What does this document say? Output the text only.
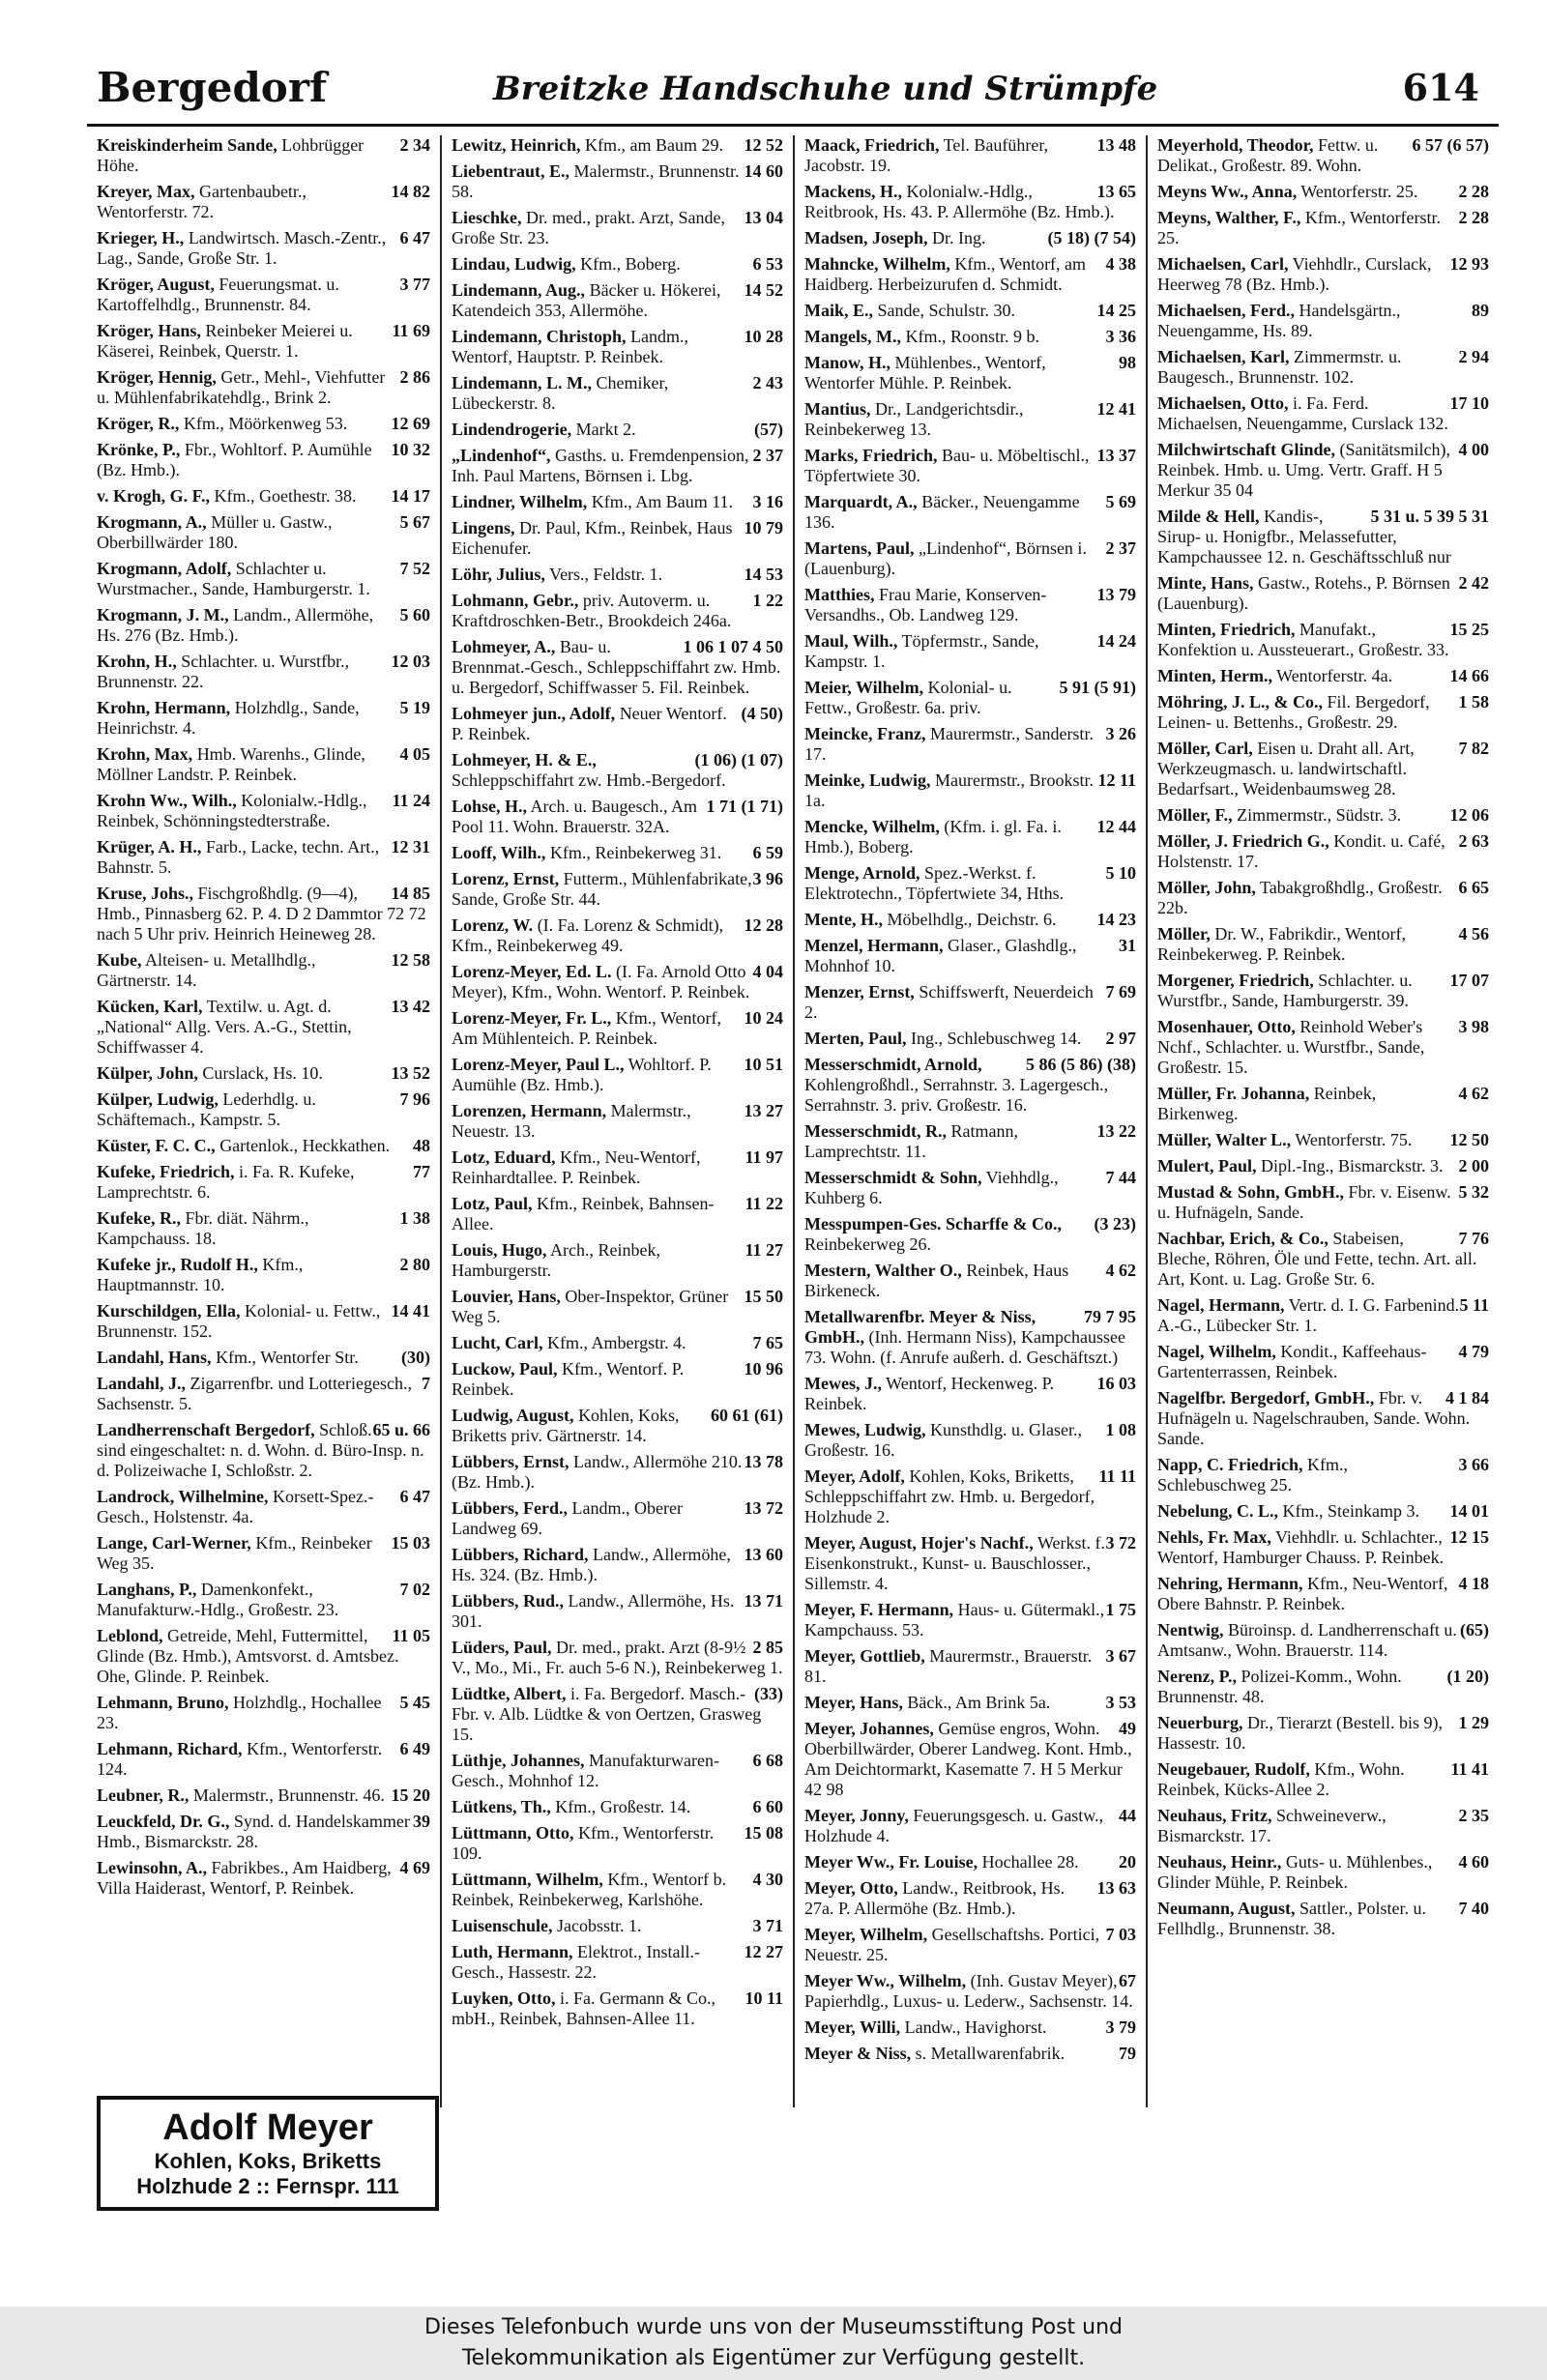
Bergedorf	Breitzke Handschuhe und Strümpfe	614
2 34
Kreiskinderheim Sande, Lohbrügger Höhe.
14 82
Kreyer, Max, Gartenbaubetr., Wentorferstr. 72.
6 47
Krieger, H., Landwirtsch. Masch.-Zentr., Lag., Sande, Große Str. 1.
3 77
Kröger, August, Feuerungsmat. u. Kartoffelhdlg., Brunnenstr. 84.
11 69
Kröger, Hans, Reinbeker Meierei u. Käserei, Reinbek, Querstr. 1.
2 86
Kröger, Hennig, Getr., Mehl-, Viehfutter u. Mühlenfabrikatehdlg., Brink 2.
12 69
Kröger, R., Kfm., Möörkenweg 53.
10 32
Krönke, P., Fbr., Wohltorf. P. Aumühle (Bz. Hmb.).
14 17
v. Krogh, G. F., Kfm., Goethestr. 38.
5 67
Krogmann, A., Müller u. Gastw., Oberbillwärder 180.
7 52
Krogmann, Adolf, Schlachter u. Wurstmacher., Sande, Hamburgerstr. 1.
5 60
Krogmann, J. M., Landm., Allermöhe, Hs. 276 (Bz. Hmb.).
12 03
Krohn, H., Schlachter. u. Wurstfbr., Brunnenstr. 22.
5 19
Krohn, Hermann, Holzhdlg., Sande, Heinrichstr. 4.
4 05
Krohn, Max, Hmb. Warenhs., Glinde, Möllner Landstr. P. Reinbek.
11 24
Krohn Ww., Wilh., Kolonialw.-Hdlg., Reinbek, Schönningstedterstraße.
12 31
Krüger, A. H., Farb., Lacke, techn. Art., Bahnstr. 5.
14 85
Kruse, Johs., Fischgroßhdlg. (9—4), Hmb., Pinnasberg 62. P. 4. D 2 Dammtor 72 72 nach 5 Uhr priv. Heinrich Heineweg 28.
12 58
Kube, Alteisen- u. Metallhdlg., Gärtnerstr. 14.
13 42
Kücken, Karl, Textilw. u. Agt. d. „National“ Allg. Vers. A.-G., Stettin, Schiffwasser 4.
13 52
Külper, John, Curslack, Hs. 10.
7 96
Külper, Ludwig, Lederhdlg. u. Schäftemach., Kampstr. 5.
48
Küster, F. C. C., Gartenlok., Heckkathen.
77
Kufeke, Friedrich, i. Fa. R. Kufeke, Lamprechtstr. 6.
1 38
Kufeke, R., Fbr. diät. Nährm., Kampchauss. 18.
2 80
Kufeke jr., Rudolf H., Kfm., Hauptmannstr. 10.
14 41
Kurschildgen, Ella, Kolonial- u. Fettw., Brunnenstr. 152.
(30)
Landahl, Hans, Kfm., Wentorfer Str.
7
Landahl, J., Zigarrenfbr. und Lotteriegesch., Sachsenstr. 5.
65 u. 66
Landherrenschaft Bergedorf, Schloß. sind eingeschaltet: n. d. Wohn. d. Büro-Insp. n. d. Polizeiwache I, Schloßstr. 2.
6 47
Landrock, Wilhelmine, Korsett-Spez.-Gesch., Holstenstr. 4a.
15 03
Lange, Carl-Werner, Kfm., Reinbeker Weg 35.
7 02
Langhans, P., Damenkonfekt., Manufakturw.-Hdlg., Großestr. 23.
11 05
Leblond, Getreide, Mehl, Futtermittel, Glinde (Bz. Hmb.), Amtsvorst. d. Amtsbez. Ohe, Glinde. P. Reinbek.
5 45
Lehmann, Bruno, Holzhdlg., Hochallee 23.
6 49
Lehmann, Richard, Kfm., Wentorferstr. 124.
15 20
Leubner, R., Malermstr., Brunnenstr. 46.
39
Leuckfeld, Dr. G., Synd. d. Handelskammer Hmb., Bismarckstr. 28.
4 69
Lewinsohn, A., Fabrikbes., Am Haidberg, Villa Haiderast, Wentorf, P. Reinbek.
12 52
Lewitz, Heinrich, Kfm., am Baum 29.
14 60
Liebentraut, E., Malermstr., Brunnenstr. 58.
13 04
Lieschke, Dr. med., prakt. Arzt, Sande, Große Str. 23.
6 53
Lindau, Ludwig, Kfm., Boberg.
14 52
Lindemann, Aug., Bäcker u. Hökerei, Katendeich 353, Allermöhe.
10 28
Lindemann, Christoph, Landm., Wentorf, Hauptstr. P. Reinbek.
2 43
Lindemann, L. M., Chemiker, Lübeckerstr. 8.
(57)
Lindendrogerie, Markt 2.
2 37
„Lindenhof“, Gasths. u. Fremdenpension, Inh. Paul Martens, Börnsen i. Lbg.
3 16
Lindner, Wilhelm, Kfm., Am Baum 11.
10 79
Lingens, Dr. Paul, Kfm., Reinbek, Haus Eichenufer.
14 53
Löhr, Julius, Vers., Feldstr. 1.
1 22
Lohmann, Gebr., priv. Autoverm. u. Kraftdroschken-Betr., Brookdeich 246a.
1 06 1 07 4 50
Lohmeyer, A., Bau- u. Brennmat.-Gesch., Schleppschiffahrt zw. Hmb. u. Bergedorf, Schiffwasser 5. Fil. Reinbek.
(4 50)
Lohmeyer jun., Adolf, Neuer Wentorf. P. Reinbek.
(1 06) (1 07)
Lohmeyer, H. & E., Schleppschiffahrt zw. Hmb.-Bergedorf.
1 71 (1 71)
Lohse, H., Arch. u. Baugesch., Am Pool 11. Wohn. Brauerstr. 32A.
6 59
Looff, Wilh., Kfm., Reinbekerweg 31.
3 96
Lorenz, Ernst, Futterm., Mühlenfabrikate, Sande, Große Str. 44.
12 28
Lorenz, W. (I. Fa. Lorenz & Schmidt), Kfm., Reinbekerweg 49.
4 04
Lorenz-Meyer, Ed. L. (I. Fa. Arnold Otto Meyer), Kfm., Wohn. Wentorf. P. Reinbek.
10 24
Lorenz-Meyer, Fr. L., Kfm., Wentorf, Am Mühlenteich. P. Reinbek.
10 51
Lorenz-Meyer, Paul L., Wohltorf. P. Aumühle (Bz. Hmb.).
13 27
Lorenzen, Hermann, Malermstr., Neuestr. 13.
11 97
Lotz, Eduard, Kfm., Neu-Wentorf, Reinhardtallee. P. Reinbek.
11 22
Lotz, Paul, Kfm., Reinbek, Bahnsen-Allee.
11 27
Louis, Hugo, Arch., Reinbek, Hamburgerstr.
15 50
Louvier, Hans, Ober-Inspektor, Grüner Weg 5.
7 65
Lucht, Carl, Kfm., Ambergstr. 4.
10 96
Luckow, Paul, Kfm., Wentorf. P. Reinbek.
60 61 (61)
Ludwig, August, Kohlen, Koks, Briketts priv. Gärtnerstr. 14.
13 78
Lübbers, Ernst, Landw., Allermöhe 210. (Bz. Hmb.).
13 72
Lübbers, Ferd., Landm., Oberer Landweg 69.
13 60
Lübbers, Richard, Landw., Allermöhe, Hs. 324. (Bz. Hmb.).
13 71
Lübbers, Rud., Landw., Allermöhe, Hs. 301.
2 85
Lüders, Paul, Dr. med., prakt. Arzt (8-9½ V., Mo., Mi., Fr. auch 5-6 N.), Reinbekerweg 1.
(33)
Lüdtke, Albert, i. Fa. Bergedorf. Masch.-Fbr. v. Alb. Lüdtke & von Oertzen, Grasweg 15.
6 68
Lüthje, Johannes, Manufakturwaren-Gesch., Mohnhof 12.
6 60
Lütkens, Th., Kfm., Großestr. 14.
15 08
Lüttmann, Otto, Kfm., Wentorferstr. 109.
4 30
Lüttmann, Wilhelm, Kfm., Wentorf b. Reinbek, Reinbekerweg, Karlshöhe.
3 71
Luisenschule, Jacobsstr. 1.
12 27
Luth, Hermann, Elektrot., Install.-Gesch., Hassestr. 22.
10 11
Luyken, Otto, i. Fa. Germann & Co., mbH., Reinbek, Bahnsen-Allee 11.
13 48
Maack, Friedrich, Tel. Bauführer, Jacobstr. 19.
13 65
Mackens, H., Kolonialw.-Hdlg., Reitbrook, Hs. 43. P. Allermöhe (Bz. Hmb.).
(5 18) (7 54)
Madsen, Joseph, Dr. Ing.
4 38
Mahncke, Wilhelm, Kfm., Wentorf, am Haidberg. Herbeizurufen d. Schmidt.
14 25
Maik, E., Sande, Schulstr. 30.
3 36
Mangels, M., Kfm., Roonstr. 9 b.
98
Manow, H., Mühlenbes., Wentorf, Wentorfer Mühle. P. Reinbek.
12 41
Mantius, Dr., Landgerichtsdir., Reinbekerweg 13.
13 37
Marks, Friedrich, Bau- u. Möbeltischl., Töpfertwiete 30.
5 69
Marquardt, A., Bäcker., Neuengamme 136.
2 37
Martens, Paul, „Lindenhof“, Börnsen i. (Lauenburg).
13 79
Matthies, Frau Marie, Konserven-Versandhs., Ob. Landweg 129.
14 24
Maul, Wilh., Töpfermstr., Sande, Kampstr. 1.
5 91 (5 91)
Meier, Wilhelm, Kolonial- u. Fettw., Großestr. 6a. priv.
3 26
Meincke, Franz, Maurermstr., Sanderstr. 17.
12 11
Meinke, Ludwig, Maurermstr., Brookstr. 1a.
12 44
Mencke, Wilhelm, (Kfm. i. gl. Fa. i. Hmb.), Boberg.
5 10
Menge, Arnold, Spez.-Werkst. f. Elektrotechn., Töpfertwiete 34, Hths.
14 23
Mente, H., Möbelhdlg., Deichstr. 6.
31
Menzel, Hermann, Glaser., Glashdlg., Mohnhof 10.
7 69
Menzer, Ernst, Schiffswerft, Neuerdeich 2.
2 97
Merten, Paul, Ing., Schlebuschweg 14.
5 86 (5 86) (38)
Messerschmidt, Arnold, Kohlengroßhdl., Serrahnstr. 3. Lagergesch., Serrahnstr. 3. priv. Großestr. 16.
13 22
Messerschmidt, R., Ratmann, Lamprechtstr. 11.
7 44
Messerschmidt & Sohn, Viehhdlg., Kuhberg 6.
(3 23)
Messpumpen-Ges. Scharffe & Co., Reinbekerweg 26.
4 62
Mestern, Walther O., Reinbek, Haus Birkeneck.
79 7 95
Metallwarenfbr. Meyer & Niss, GmbH., (Inh. Hermann Niss), Kampchaussee 73. Wohn. (f. Anrufe außerh. d. Geschäftszt.)
16 03
Mewes, J., Wentorf, Heckenweg. P. Reinbek.
1 08
Mewes, Ludwig, Kunsthdlg. u. Glaser., Großestr. 16.
11 11
Meyer, Adolf, Kohlen, Koks, Briketts, Schleppschiffahrt zw. Hmb. u. Bergedorf, Holzhude 2.
3 72
Meyer, August, Hojer's Nachf., Werkst. f. Eisenkonstrukt., Kunst- u. Bauschlosser., Sillemstr. 4.
1 75
Meyer, F. Hermann, Haus- u. Gütermakl., Kampchauss. 53.
3 67
Meyer, Gottlieb, Maurermstr., Brauerstr. 81.
3 53
Meyer, Hans, Bäck., Am Brink 5a.
49
Meyer, Johannes, Gemüse engros, Wohn. Oberbillwärder, Oberer Landweg. Kont. Hmb., Am Deichtormarkt, Kasematte 7. H 5 Merkur 42 98
44
Meyer, Jonny, Feuerungsgesch. u. Gastw., Holzhude 4.
20
Meyer Ww., Fr. Louise, Hochallee 28.
13 63
Meyer, Otto, Landw., Reitbrook, Hs. 27a. P. Allermöhe (Bz. Hmb.).
7 03
Meyer, Wilhelm, Gesellschaftshs. Portici, Neuestr. 25.
67
Meyer Ww., Wilhelm, (Inh. Gustav Meyer), Papierhdlg., Luxus- u. Lederw., Sachsenstr. 14.
3 79
Meyer, Willi, Landw., Havighorst.
79
Meyer & Niss, s. Metallwarenfabrik.
6 57 (6 57)
Meyerhold, Theodor, Fettw. u. Delikat., Großestr. 89. Wohn.
2 28
Meyns Ww., Anna, Wentorferstr. 25.
2 28
Meyns, Walther, F., Kfm., Wentorferstr. 25.
12 93
Michaelsen, Carl, Viehhdlr., Curslack, Heerweg 78 (Bz. Hmb.).
89
Michaelsen, Ferd., Handelsgärtn., Neuengamme, Hs. 89.
2 94
Michaelsen, Karl, Zimmermstr. u. Baugesch., Brunnenstr. 102.
17 10
Michaelsen, Otto, i. Fa. Ferd. Michaelsen, Neuengamme, Curslack 132.
4 00
Milchwirtschaft Glinde, (Sanitätsmilch), Reinbek. Hmb. u. Umg. Vertr. Graff. H 5 Merkur 35 04
5 31 u. 5 39 5 31
Milde & Hell, Kandis-, Sirup- u. Honigfbr., Melassefutter, Kampchaussee 12. n. Geschäftsschluß nur
2 42
Minte, Hans, Gastw., Rotehs., P. Börnsen (Lauenburg).
15 25
Minten, Friedrich, Manufakt., Konfektion u. Aussteuerart., Großestr. 33.
14 66
Minten, Herm., Wentorferstr. 4a.
1 58
Möhring, J. L., & Co., Fil. Bergedorf, Leinen- u. Bettenhs., Großestr. 29.
7 82
Möller, Carl, Eisen u. Draht all. Art, Werkzeugmasch. u. landwirtschaftl. Bedarfsart., Weidenbaumsweg 28.
12 06
Möller, F., Zimmermstr., Südstr. 3.
2 63
Möller, J. Friedrich G., Kondit. u. Café, Holstenstr. 17.
6 65
Möller, John, Tabakgroßhdlg., Großestr. 22b.
4 56
Möller, Dr. W., Fabrikdir., Wentorf, Reinbekerweg. P. Reinbek.
17 07
Morgener, Friedrich, Schlachter. u. Wurstfbr., Sande, Hamburgerstr. 39.
3 98
Mosenhauer, Otto, Reinhold Weber's Nchf., Schlachter. u. Wurstfbr., Sande, Großestr. 15.
4 62
Müller, Fr. Johanna, Reinbek, Birkenweg.
12 50
Müller, Walter L., Wentorferstr. 75.
2 00
Mulert, Paul, Dipl.-Ing., Bismarckstr. 3.
5 32
Mustad & Sohn, GmbH., Fbr. v. Eisenw. u. Hufnägeln, Sande.
7 76
Nachbar, Erich, & Co., Stabeisen, Bleche, Röhren, Öle und Fette, techn. Art. all. Art, Kont. u. Lag. Große Str. 6.
5 11
Nagel, Hermann, Vertr. d. I. G. Farbenind. A.-G., Lübecker Str. 1.
4 79
Nagel, Wilhelm, Kondit., Kaffeehaus-Gartenterrassen, Reinbek.
4 1 84
Nagelfbr. Bergedorf, GmbH., Fbr. v. Hufnägeln u. Nagelschrauben, Sande. Wohn. Sande.
3 66
Napp, C. Friedrich, Kfm., Schlebuschweg 25.
14 01
Nebelung, C. L., Kfm., Steinkamp 3.
12 15
Nehls, Fr. Max, Viehhdlr. u. Schlachter., Wentorf, Hamburger Chauss. P. Reinbek.
4 18
Nehring, Hermann, Kfm., Neu-Wentorf, Obere Bahnstr. P. Reinbek.
(65)
Nentwig, Büroinsp. d. Landherrenschaft u. Amtsanw., Wohn. Brauerstr. 114.
(1 20)
Nerenz, P., Polizei-Komm., Wohn. Brunnenstr. 48.
1 29
Neuerburg, Dr., Tierarzt (Bestell. bis 9), Hassestr. 10.
11 41
Neugebauer, Rudolf, Kfm., Wohn. Reinbek, Kücks-Allee 2.
2 35
Neuhaus, Fritz, Schweineverw., Bismarckstr. 17.
4 60
Neuhaus, Heinr., Guts- u. Mühlenbes., Glinder Mühle, P. Reinbek.
7 40
Neumann, August, Sattler., Polster. u. Fellhdlg., Brunnenstr. 38.
Adolf Meyer
Kohlen, Koks, Briketts
Holzhude 2 :: Fernspr. 111
Dieses Telefonbuch wurde uns von der Museumsstiftung Post und
Telekommunikation als Eigentümer zur Verfügung gestellt.
